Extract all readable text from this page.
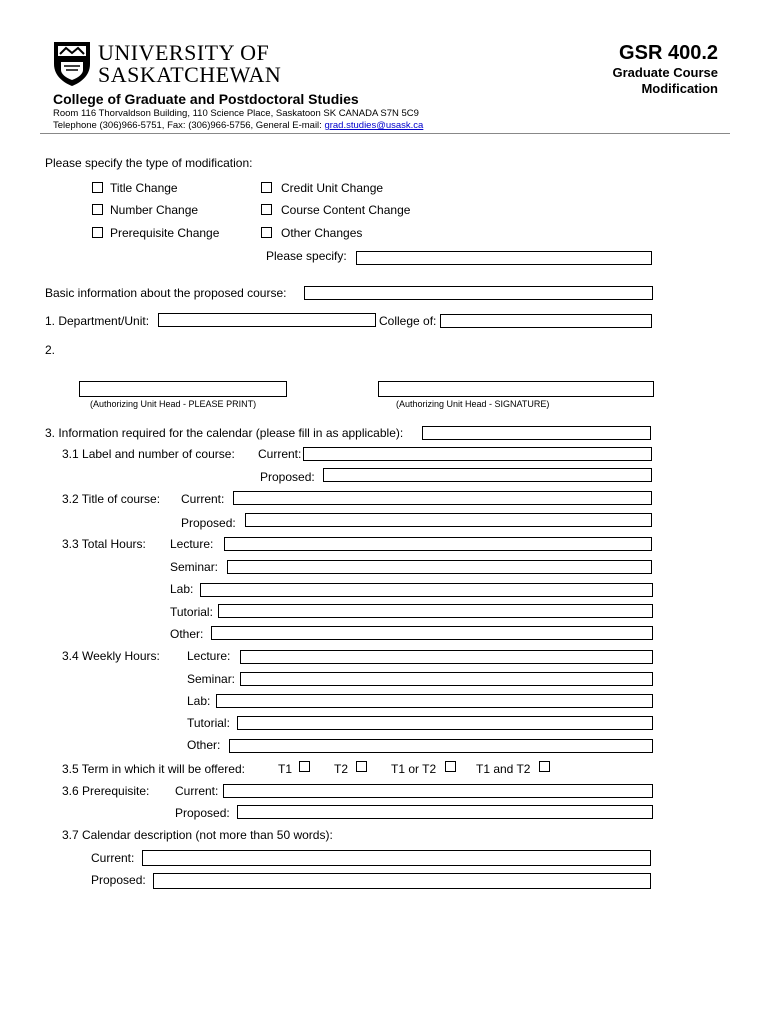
UNIVERSITY OF
SASKATCHEWAN
College of Graduate and Postdoctoral Studies
Room 116 Thorvaldson Building, 110 Science Place, Saskatoon SK CANADA S7N 5C9
Telephone (306)966-5751, Fax: (306)966-5756, General E-mail: grad.studies@usask.ca
GSR 400.2
Graduate Course
Modification
Please specify the type of modification:
Title Change
Number Change
Prerequisite Change
Credit Unit Change
Course Content Change
Other Changes
Please specify:
Basic information about the proposed course:
1. Department/Unit:	College of:
2.
(Authorizing Unit Head - PLEASE PRINT)	(Authorizing Unit Head - SIGNATURE)
3. Information required for the calendar (please fill in as applicable):
3.1 Label and number of course: Current:
Proposed:
3.2 Title of course: Current:
Proposed:
3.3 Total Hours: Lecture:
Seminar:
Lab:
Tutorial:
Other:
3.4 Weekly Hours: Lecture:
Seminar:
Lab:
Tutorial:
Other:
3.5 Term in which it will be offered:	T1	T2	T1 or T2	T1 and T2
3.6 Prerequisite: Current:
Proposed:
3.7 Calendar description (not more than 50 words):
Current:
Proposed:
